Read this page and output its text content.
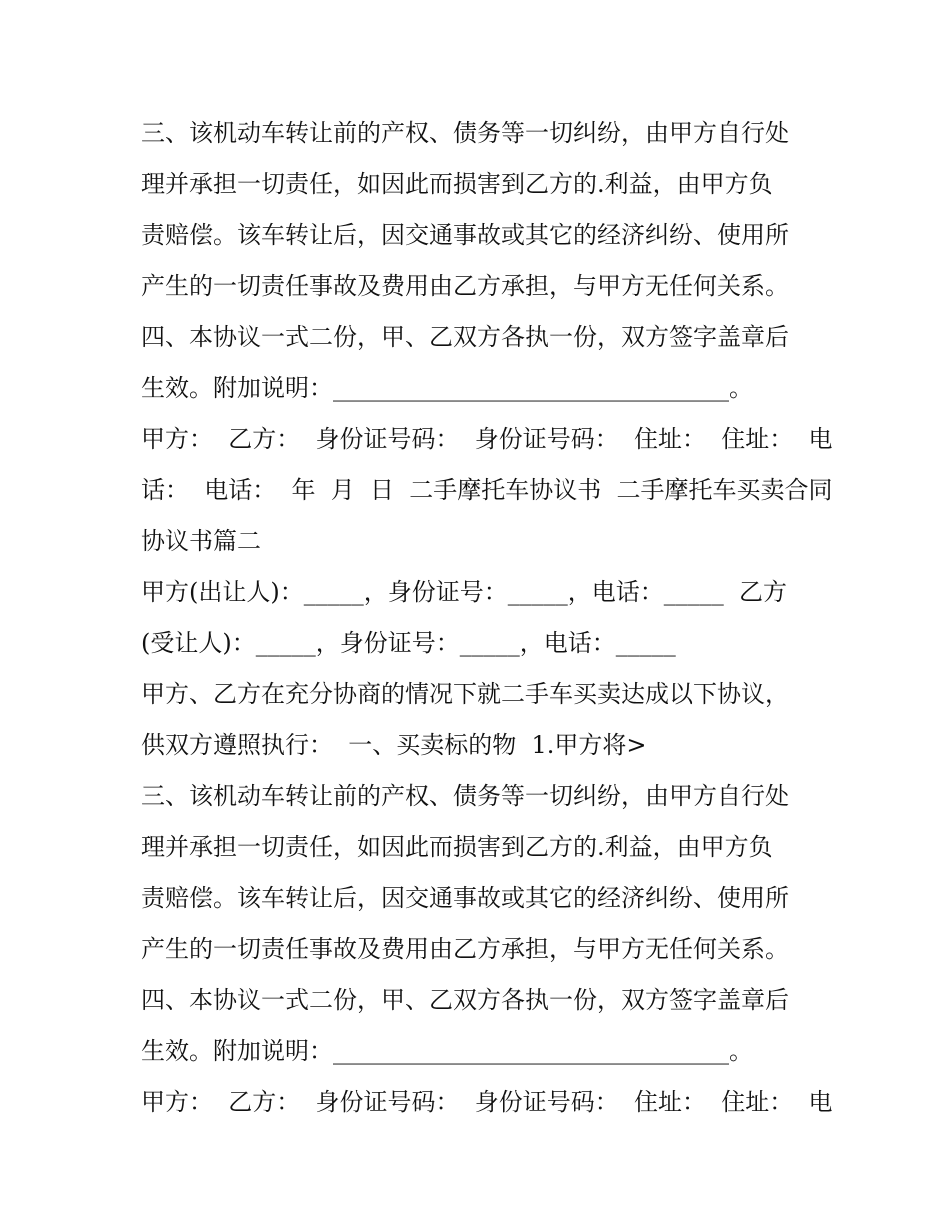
三、该机动车转让前的产权、债务等一切纠纷，由甲方自行处
理并承担一切责任，如因此而损害到乙方的.利益，由甲方负
责赔偿。该车转让后，因交通事故或其它的经济纠纷、使用所
产生的一切责任事故及费用由乙方承担，与甲方无任何关系。
四、本协议一式二份，甲、乙双方各执一份，双方签字盖章后
生效。附加说明：_________________________________。
甲方：  乙方：  身份证号码：  身份证号码：  住址：  住址：  电
话：  电话：  年  月  日  二手摩托车协议书  二手摩托车买卖合同
协议书篇二
甲方(出让人)：_____，身份证号：_____，电话：_____  乙方
(受让人)：_____，身份证号：_____，电话：_____
甲方、乙方在充分协商的情况下就二手车买卖达成以下协议，
供双方遵照执行：  一、买卖标的物  1.甲方将>
三、该机动车转让前的产权、债务等一切纠纷，由甲方自行处
理并承担一切责任，如因此而损害到乙方的.利益，由甲方负
责赔偿。该车转让后，因交通事故或其它的经济纠纷、使用所
产生的一切责任事故及费用由乙方承担，与甲方无任何关系。
四、本协议一式二份，甲、乙双方各执一份，双方签字盖章后
生效。附加说明：_________________________________。
甲方：  乙方：  身份证号码：  身份证号码：  住址：  住址：  电
